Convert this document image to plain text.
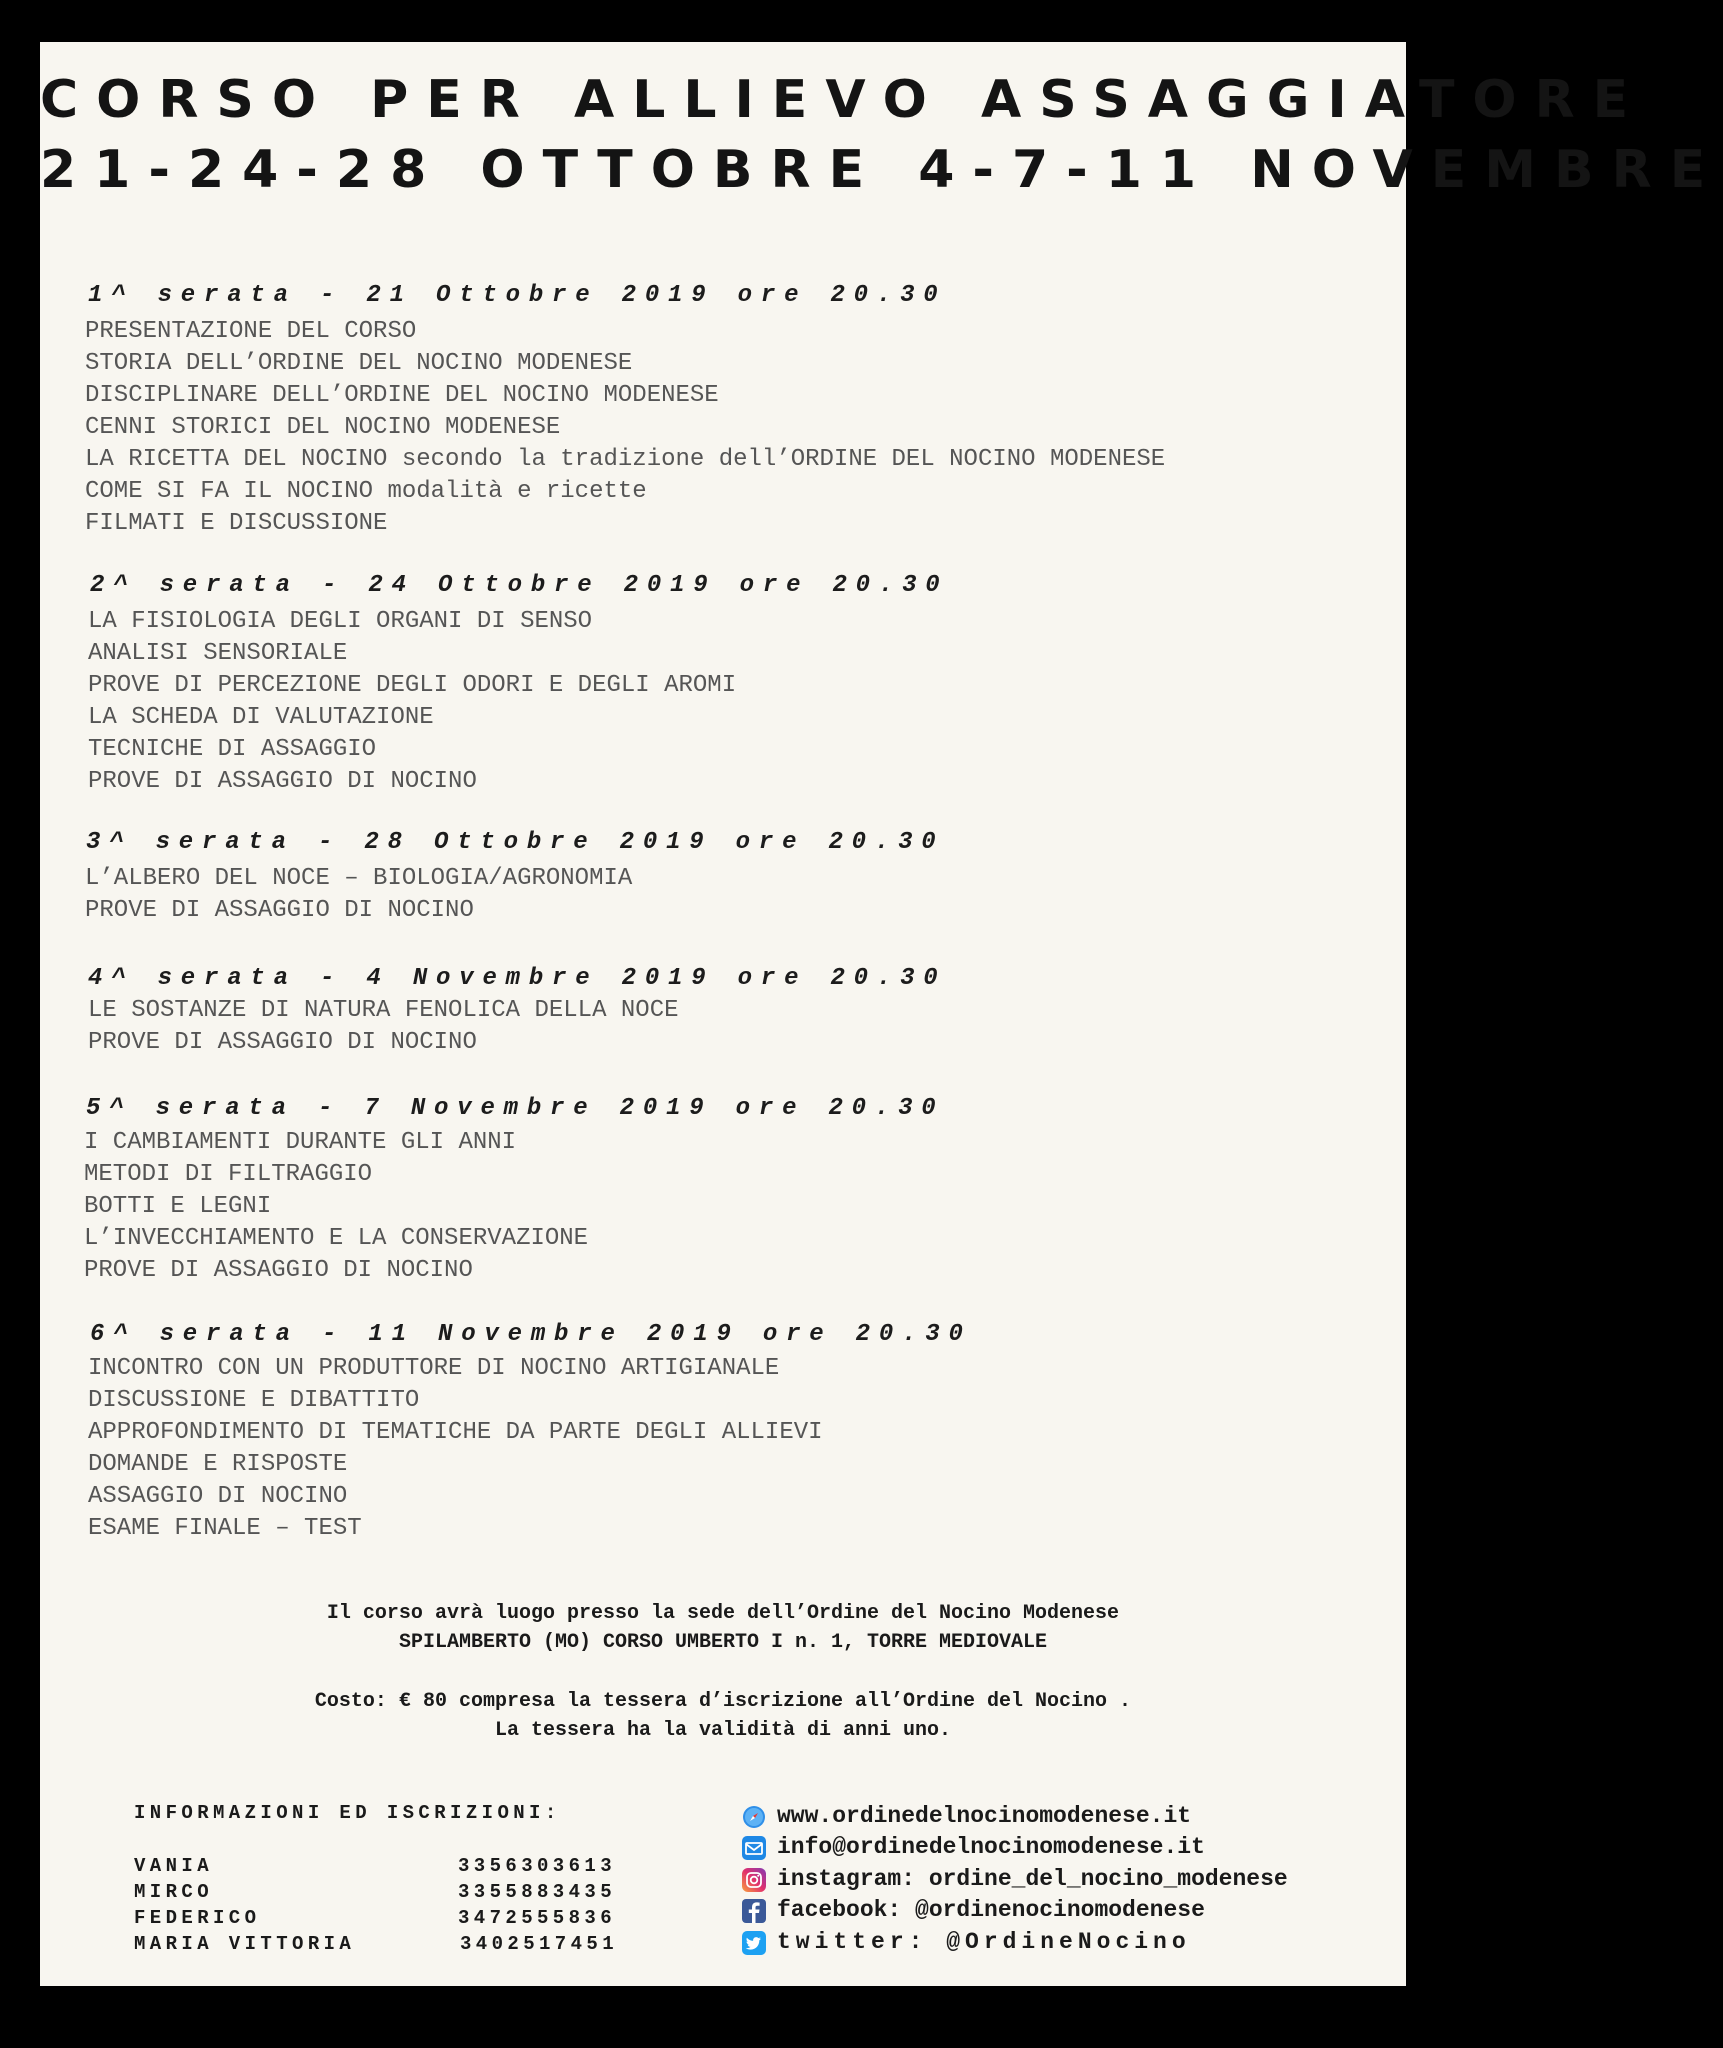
CORSO PER ALLIEVO ASSAGGIATORE
21-24-28 OTTOBRE 4-7-11 NOVEMBRE
1^ serata - 21 Ottobre 2019 ore 20.30
PRESENTAZIONE DEL CORSO
STORIA DELL’ORDINE DEL NOCINO MODENESE
DISCIPLINARE DELL’ORDINE DEL NOCINO MODENESE
CENNI STORICI DEL NOCINO MODENESE
LA RICETTA DEL NOCINO secondo la tradizione dell’ORDINE DEL NOCINO MODENESE
COME SI FA IL NOCINO modalità e ricette
FILMATI E DISCUSSIONE
2^ serata - 24 Ottobre 2019 ore 20.30
LA FISIOLOGIA DEGLI ORGANI DI SENSO
ANALISI SENSORIALE
PROVE DI PERCEZIONE DEGLI ODORI E DEGLI AROMI
LA SCHEDA DI VALUTAZIONE
TECNICHE DI ASSAGGIO
PROVE DI ASSAGGIO DI NOCINO
3^ serata - 28 Ottobre 2019 ore 20.30
L’ALBERO DEL NOCE – BIOLOGIA/AGRONOMIA
PROVE DI ASSAGGIO DI NOCINO
4^ serata - 4 Novembre 2019 ore 20.30
LE SOSTANZE DI NATURA FENOLICA DELLA NOCE
PROVE DI ASSAGGIO DI NOCINO
5^ serata - 7 Novembre 2019 ore 20.30
I CAMBIAMENTI DURANTE GLI ANNI
METODI DI FILTRAGGIO
BOTTI E LEGNI
L’INVECCHIAMENTO E LA CONSERVAZIONE
PROVE DI ASSAGGIO DI NOCINO
6^ serata - 11 Novembre 2019 ore 20.30
INCONTRO CON UN PRODUTTORE DI NOCINO ARTIGIANALE
DISCUSSIONE E DIBATTITO
APPROFONDIMENTO DI TEMATICHE DA PARTE DEGLI ALLIEVI
DOMANDE E RISPOSTE
ASSAGGIO DI NOCINO
ESAME FINALE – TEST
Il corso avrà luogo presso la sede dell’Ordine del Nocino Modenese
SPILAMBERTO (MO) CORSO UMBERTO I n. 1, TORRE MEDIOVALE
Costo: € 80 compresa la tessera d’iscrizione all’Ordine del Nocino .
La tessera ha la validità di anni uno.
INFORMAZIONI ED ISCRIZIONI:
VANIA	3356303613
MIRCO	3355883435
FEDERICO	3472555836
MARIA VITTORIA	3402517451
www.ordinedelnocinomodenese.it
info@ordinedelnocinomodenese.it
instagram: ordine_del_nocino_modenese
facebook: @ordinenocinomodenese
twitter: @OrdineNocino
